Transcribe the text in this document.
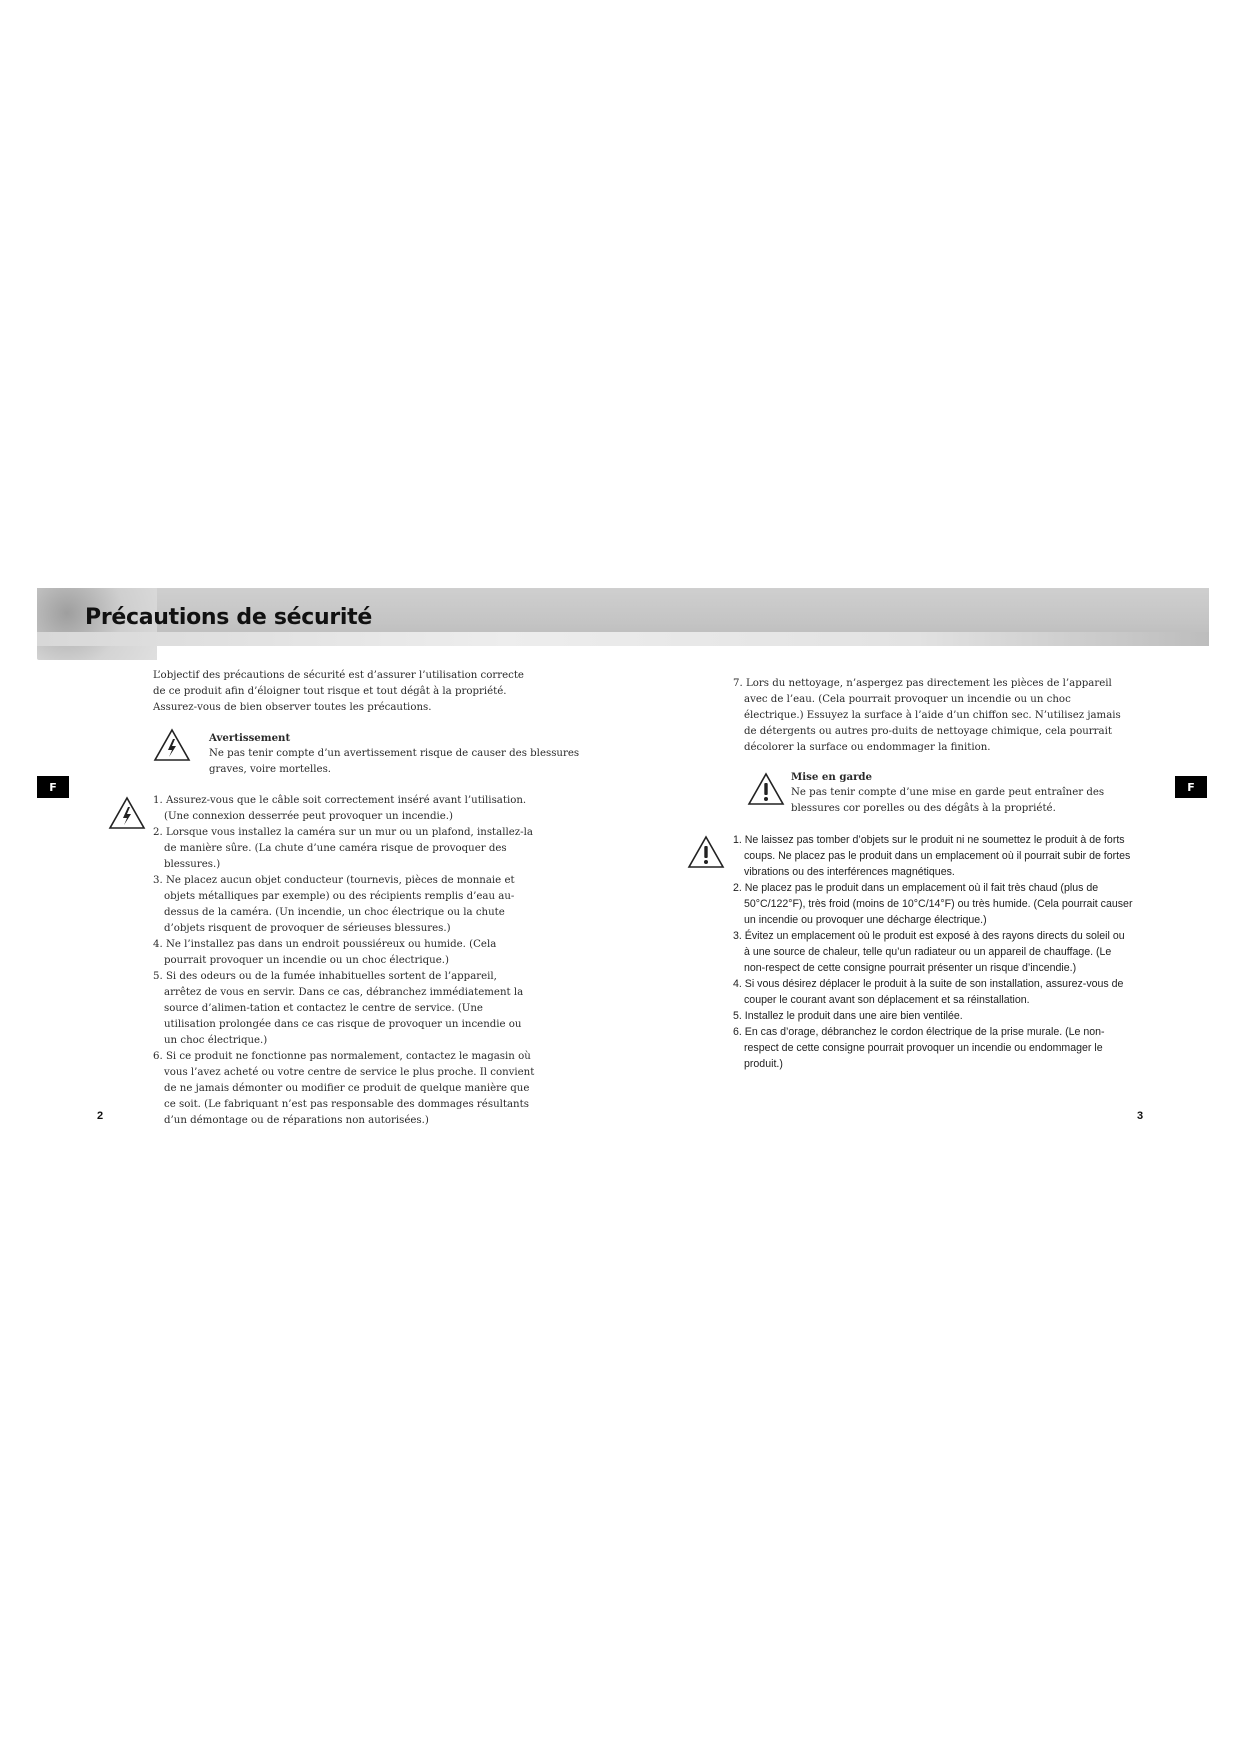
Précautions de sécurité
F	F

L’objectif des précautions de sécurité est d’assurer l’utilisation correcte de ce produit afin d’éloigner tout risque et tout dégât à la propriété. Assurez-vous de bien observer toutes les précautions.

Avertissement

Ne pas tenir compte d’un avertissement risque de causer des blessures graves, voire mortelles.

1. Assurez-vous que le câble soit correctement inséré avant l’utilisation. (Une connexion desserrée peut provoquer un incendie.)
2. Lorsque vous installez la caméra sur un mur ou un plafond, installez-la de manière sûre. (La chute d’une caméra risque de provoquer des blessures.)
3. Ne placez aucun objet conducteur (tournevis, pièces de monnaie et objets métalliques par exemple) ou des récipients remplis d’eau au-dessus de la caméra. (Un incendie, un choc électrique ou la chute d’objets risquent de provoquer de sérieuses blessures.)
4. Ne l’installez pas dans un endroit poussiéreux ou humide. (Cela pourrait provoquer un incendie ou un choc électrique.)
5. Si des odeurs ou de la fumée inhabituelles sortent de l’appareil, arrêtez de vous en servir. Dans ce cas, débranchez immédiatement la source d’alimen-tation et contactez le centre de service. (Une utilisation prolongée dans ce cas risque de provoquer un incendie ou un choc électrique.)
6. Si ce produit ne fonctionne pas normalement, contactez le magasin où vous l’avez acheté ou votre centre de service le plus proche. Il convient de ne jamais démonter ou modifier ce produit de quelque manière que ce soit. (Le fabriquant n’est pas responsable des dommages résultants d’un démontage ou de réparations non autorisées.)
2
7. Lors du nettoyage, n’aspergez pas directement les pièces de l’appareil avec de l’eau. (Cela pourrait provoquer un incendie ou un choc électrique.) Essuyez la surface à l’aide d’un chiffon sec. N’utilisez jamais de détergents ou autres pro-duits de nettoyage chimique, cela pourrait décolorer la surface ou endommager la finition.

Mise en garde

Ne pas tenir compte d’une mise en garde peut entraîner des blessures cor porelles ou des dégâts à la propriété.

1. Ne laissez pas tomber d’objets sur le produit ni ne soumettez le produit à de forts coups. Ne placez pas le produit dans un emplacement où il pourrait subir de fortes vibrations ou des interférences magnétiques.
2. Ne placez pas le produit dans un emplacement où il fait très chaud (plus de 50°C/122°F), très froid (moins de 10°C/14°F) ou très humide. (Cela pourrait causer un incendie ou provoquer une décharge électrique.)
3. Évitez un emplacement où le produit est exposé à des rayons directs du soleil ou à une source de chaleur, telle qu’un radiateur ou un appareil de chauffage. (Le non-respect de cette consigne pourrait présenter un risque d’incendie.)
4. Si vous désirez déplacer le produit à la suite de son installation, assurez-vous de couper le courant avant son déplacement et sa réinstallation.
5. Installez le produit dans une aire bien ventilée.
6. En cas d’orage, débranchez le cordon électrique de la prise murale. (Le non-respect de cette consigne pourrait provoquer un incendie ou endommager le produit.)
3
